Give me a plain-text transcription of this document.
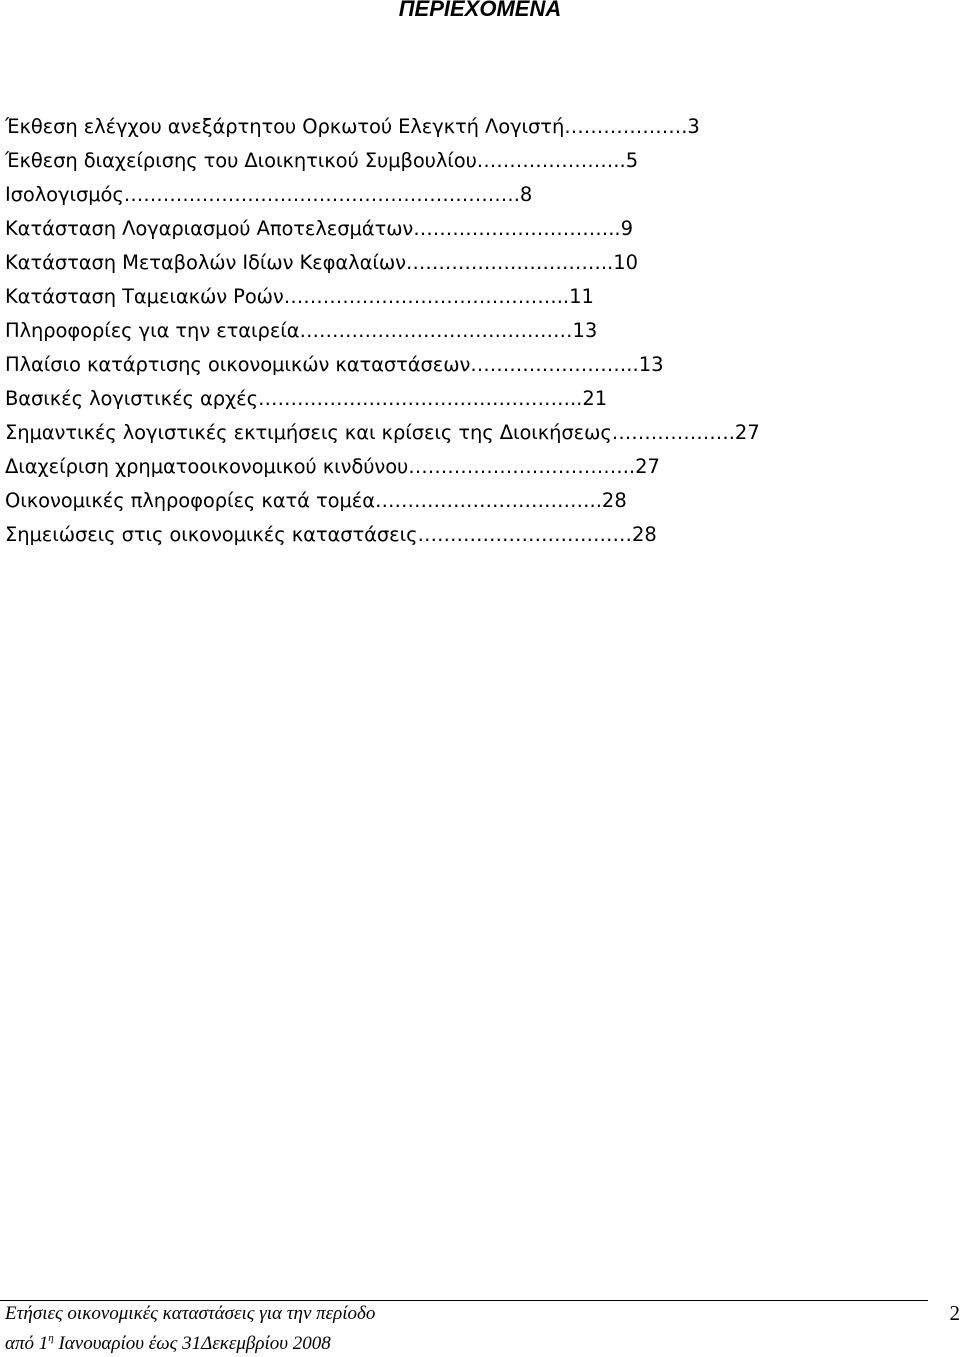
ΠΕΡΙΕΧΟΜΕΝΑ
Έκθεση ελέγχου ανεξάρτητου Ορκωτού Ελεγκτή Λογιστή……………….3
Έκθεση διαχείρισης του Διοικητικού Συμβουλίου…………………..5
Ισολογισμός…………………………………………………….8
Κατάσταση Λογαριασμού Αποτελεσμάτων…………………………..9
Κατάσταση Μεταβολών Ιδίων Κεφαλαίων…………………………..10
Κατάσταση Ταμειακών Ροών……………………………………..11
Πληροφορίες για την εταιρεία……………………………………13
Πλαίσιο κατάρτισης οικονομικών καταστάσεων……………………..13
Βασικές λογιστικές αρχές…………………………………………..21
Σημαντικές λογιστικές εκτιμήσεις και κρίσεις της Διοικήσεως……………….27
Διαχείριση χρηματοοικονομικού κινδύνου……………………………..27
Οικονομικές πληροφορίες κατά τομέα……………………………..28
Σημειώσεις στις οικονομικές καταστάσεις……………………………28
Ετήσιες οικονομικές καταστάσεις για την περίοδο
από $1^\eta$ Ιανουαρίου έως 31Δεκεμβρίου 2008
2
